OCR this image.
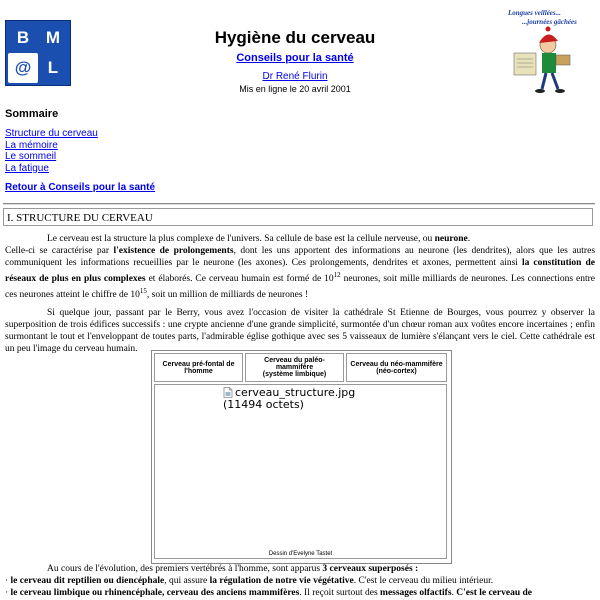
B M
@ L
Hygiène du cerveau
Conseils pour la santé
Dr René Flurin
Mis en ligne le 20 avril 2001
Longues veillées...
...journées gâchées
Sommaire
Structure du cerveau
La mémoire
Le sommeil
La fatigue
Retour à Conseils pour la santé
I. STRUCTURE DU CERVEAU

Le cerveau est la structure la plus complexe de l'univers. Sa cellule de base est la cellule nerveuse, ou neurone.

Celle-ci se caractérise par l'existence de prolongements, dont les uns apportent des informations au neurone (les dendrites), alors que les autres communiquent les informations recueillies par le neurone (les axones). Ces prolongements, dendrites et axones, permettent ainsi la constitution de réseaux de plus en plus complexes et élaborés. Ce cerveau humain est formé de $10^{12}$ neurones, soit mille milliards de neurones. Les connections entre ces neurones atteint le chiffre de $10^{15}$, soit un million de milliards de neurones !

Si quelque jour, passant par le Berry, vous avez l'occasion de visiter la cathédrale St Etienne de Bourges, vous pourrez y observer la superposition de trois édifices successifs : une crypte ancienne d'une grande simplicité, surmontée d'un chœur roman aux voûtes encore incertaines ; enfin surmontant le tout et l'enveloppant de toutes parts, l'admirable église gothique avec ses 5 vaisseaux de lumière s'élançant vers le ciel. Cette cathédrale est un peu l'image du cerveau humain.

Cerveau pré-fontal de l'homme
Cerveau du paléo-mammifère
(système limbique)
Cerveau du néo-mammifère
(néo-cortex)
cerveau_structure.jpg (11494 octets)
Dessin d'Evelyne Tastet

Au cours de l'évolution, des premiers vertébrés à l'homme, sont apparus 3 cerveaux superposés :

· le cerveau dit reptilien ou diencéphale, qui assure la régulation de notre vie végétative. C'est le cerveau du milieu intérieur.

· le cerveau limbique ou rhinencéphale, cerveau des anciens mammifères. Il reçoit surtout des messages olfactifs. C'est le cerveau de
